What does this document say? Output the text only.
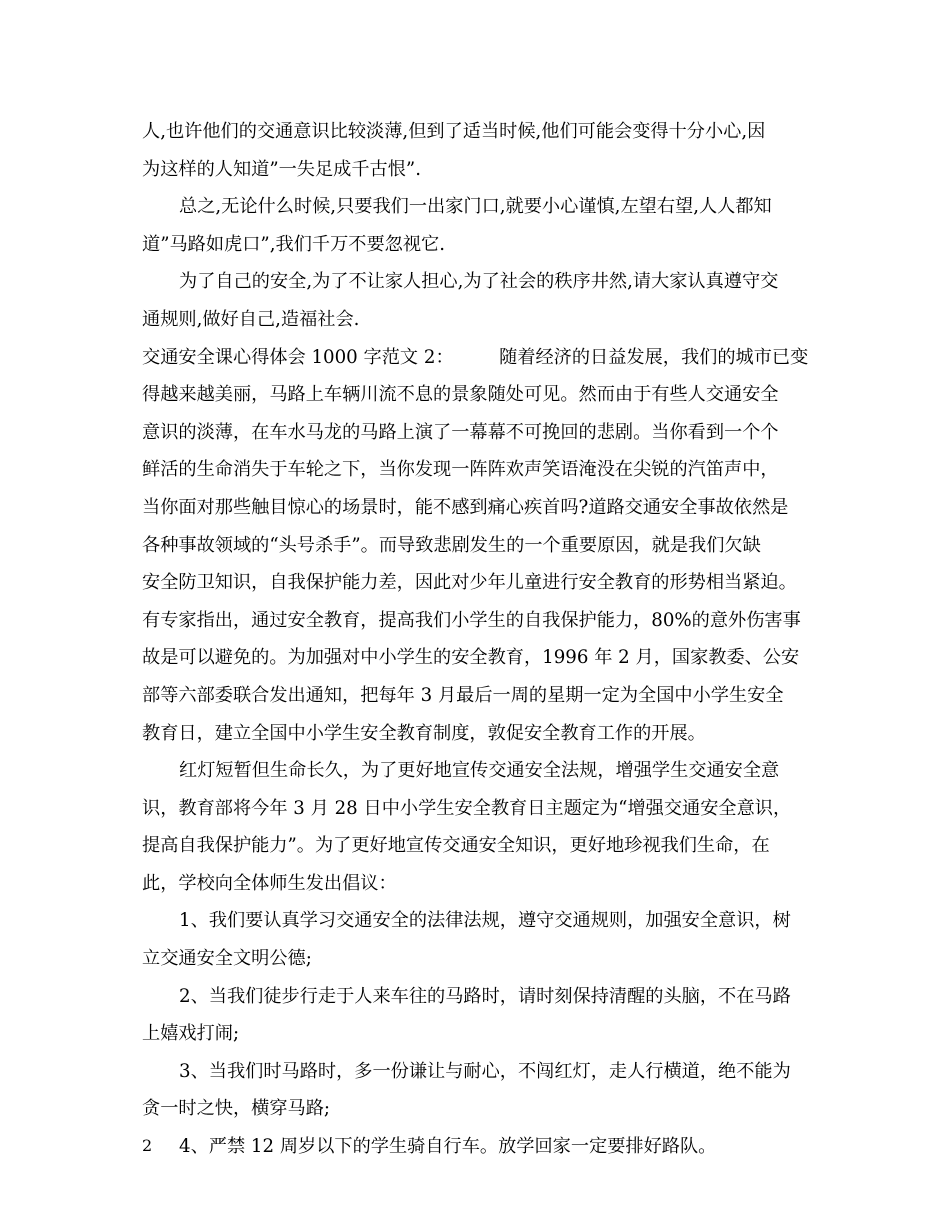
人,也许他们的交通意识比较淡薄,但到了适当时候,他们可能会变得十分小心,因
为这样的人知道”一失足成千古恨”.
总之,无论什么时候,只要我们一出家门口,就要小心谨慎,左望右望,人人都知
道”马路如虎口”,我们千万不要忽视它.
为了自己的安全,为了不让家人担心,为了社会的秩序井然,请大家认真遵守交
通规则,做好自己,造福社会.
交通安全课心得体会 1000 字范文 2：　　　随着经济的日益发展，我们的城市已变
得越来越美丽，马路上车辆川流不息的景象随处可见。然而由于有些人交通安全
意识的淡薄，在车水马龙的马路上演了一幕幕不可挽回的悲剧。当你看到一个个
鲜活的生命消失于车轮之下，当你发现一阵阵欢声笑语淹没在尖锐的汽笛声中，
当你面对那些触目惊心的场景时，能不感到痛心疾首吗?道路交通安全事故依然是
各种事故领域的“头号杀手”。而导致悲剧发生的一个重要原因，就是我们欠缺
安全防卫知识，自我保护能力差，因此对少年儿童进行安全教育的形势相当紧迫。
有专家指出，通过安全教育，提高我们小学生的自我保护能力，80%的意外伤害事
故是可以避免的。为加强对中小学生的安全教育，1996 年 2 月，国家教委、公安
部等六部委联合发出通知，把每年 3 月最后一周的星期一定为全国中小学生安全
教育日，建立全国中小学生安全教育制度，敦促安全教育工作的开展。
红灯短暂但生命长久，为了更好地宣传交通安全法规，增强学生交通安全意
识，教育部将今年 3 月 28 日中小学生安全教育日主题定为“增强交通安全意识，
提高自我保护能力”。为了更好地宣传交通安全知识，更好地珍视我们生命，在
此，学校向全体师生发出倡议：
1、我们要认真学习交通安全的法律法规，遵守交通规则，加强安全意识，树
立交通安全文明公德;
2、当我们徒步行走于人来车往的马路时，请时刻保持清醒的头脑，不在马路
上嬉戏打闹;
3、当我们时马路时，多一份谦让与耐心，不闯红灯，走人行横道，绝不能为
贪一时之快，横穿马路;
4、严禁 12 周岁以下的学生骑自行车。放学回家一定要排好路队。
2
